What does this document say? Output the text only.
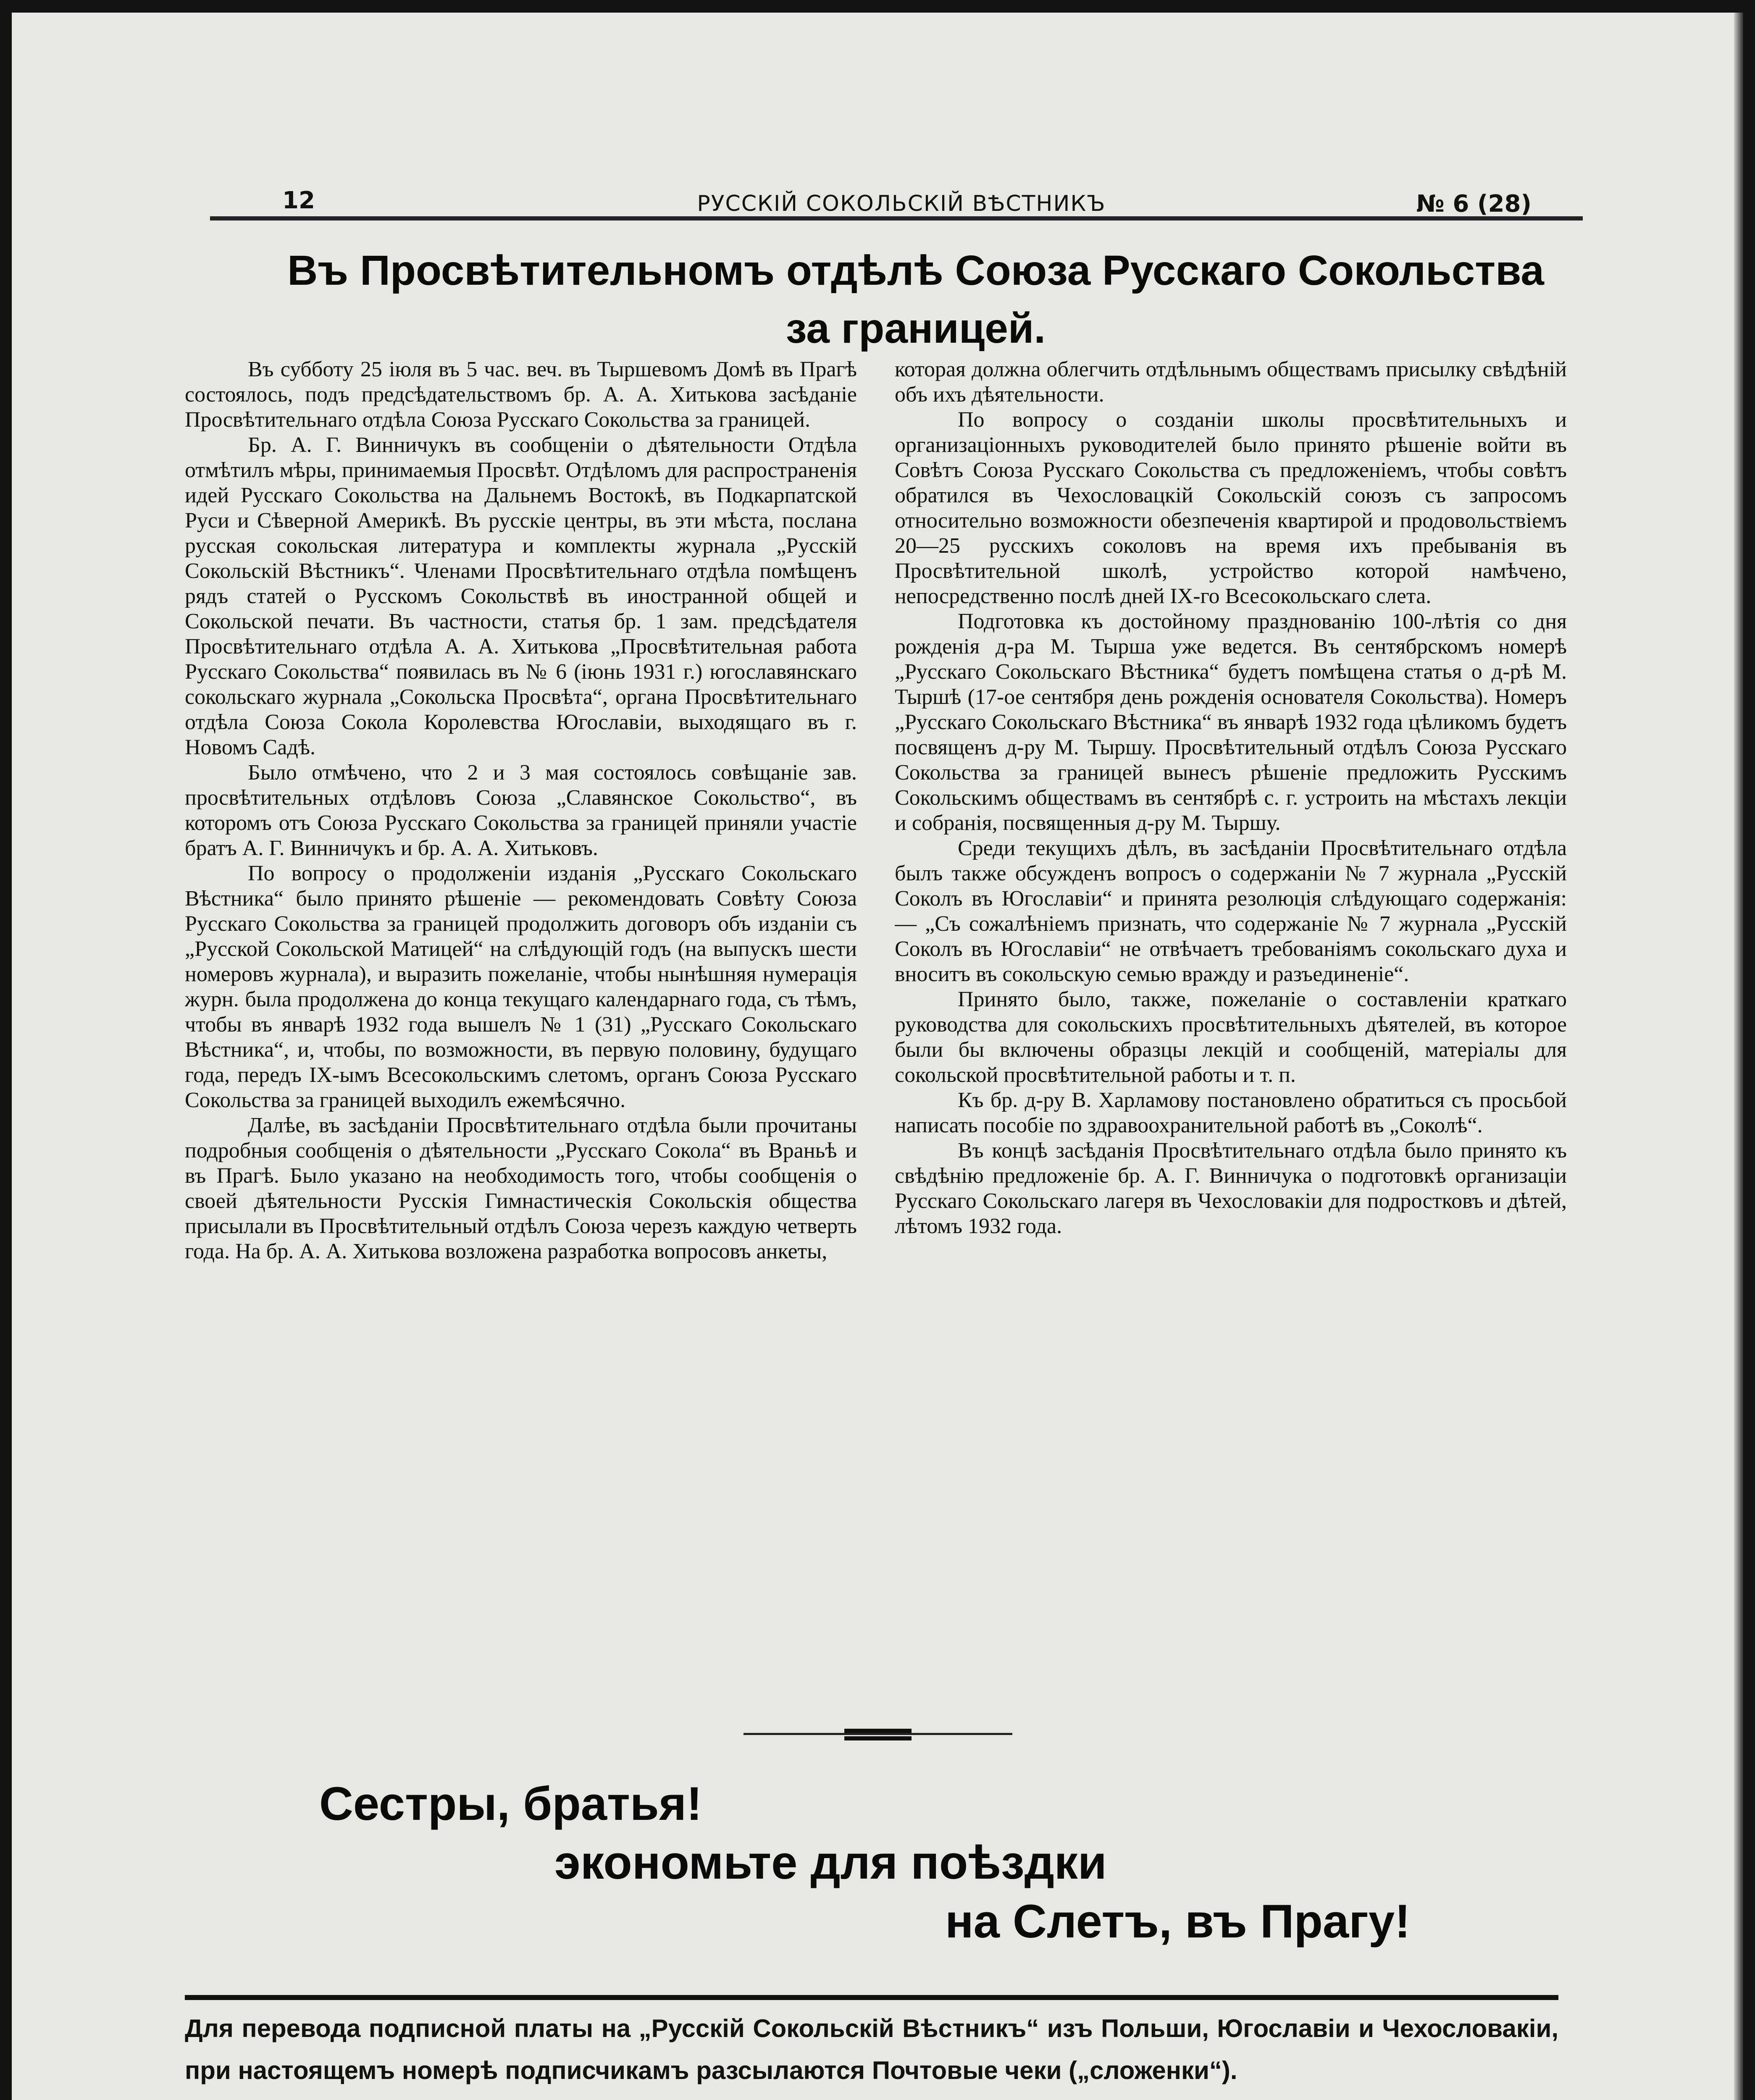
12	РУССКІЙ СОКОЛЬСКІЙ ВѢСТНИКЪ	№ 6 (28)
Въ Просвѣтительномъ отдѣлѣ Союза Русскаго Сокольства
за границей.

Въ субботу 25 іюля въ 5 час. веч. въ Тыршевомъ Домѣ въ Прагѣ состоялось, подъ предсѣдательствомъ бр. А. А. Хитькова засѣданіе Просвѣтительнаго отдѣла Союза Русскаго Сокольства за границей.

Бр. А. Г. Винничукъ въ сообщеніи о дѣятельности Отдѣла отмѣтилъ мѣры, принимаемыя Просвѣт. Отдѣломъ для распространенія идей Русскаго Сокольства на Дальнемъ Востокѣ, въ Подкарпатской Руси и Сѣверной Америкѣ. Въ русскіе центры, въ эти мѣста, послана русская сокольская литература и комплекты журнала „Русскій Сокольскій Вѣстникъ“. Членами Просвѣтительнаго отдѣла помѣщенъ рядъ статей о Русскомъ Сокольствѣ въ иностранной общей и Сокольской печати. Въ частности, статья бр. 1 зам. предсѣдателя Просвѣтительнаго отдѣла А. А. Хитькова „Просвѣтительная работа Русскаго Сокольства“ появилась въ № 6 (іюнь 1931 г.) югославянскаго сокольскаго журнала „Сокольска Просвѣта“, органа Просвѣтительнаго отдѣла Союза Сокола Королевства Югославіи, выходящаго въ г. Новомъ Садѣ.

Было отмѣчено, что 2 и 3 мая состоялось совѣщаніе зав. просвѣтительных отдѣловъ Союза „Славянское Сокольство“, въ которомъ отъ Союза Русскаго Сокольства за границей приняли участіе братъ А. Г. Винничукъ и бр. А. А. Хитьковъ.

По вопросу о продолженіи изданія „Русскаго Сокольскаго Вѣстника“ было принято рѣшеніе — рекомендовать Совѣту Союза Русскаго Сокольства за границей продолжить договоръ объ изданіи съ „Русской Сокольской Матицей“ на слѣдующій годъ (на выпускъ шести номеровъ журнала), и выразить пожеланіе, чтобы нынѣшняя нумерація журн. была продолжена до конца текущаго календарнаго года, съ тѣмъ, чтобы въ январѣ 1932 года вышелъ № 1 (31) „Русскаго Сокольскаго Вѣстника“, и, чтобы, по возможности, въ первую половину, будущаго года, передъ IX-ымъ Всесокольскимъ слетомъ, органъ Союза Русскаго Сокольства за границей выходилъ ежемѣсячно.

Далѣе, въ засѣданіи Просвѣтительнаго отдѣла были прочитаны подробныя сообщенія о дѣятельности „Русскаго Сокола“ въ Враньѣ и въ Прагѣ. Было указано на необходимость того, чтобы сообщенія о своей дѣятельности Русскія Гимнастическія Сокольскія общества присылали въ Просвѣтительный отдѣлъ Союза черезъ каждую четверть года. На бр. А. А. Хитькова возложена разработка вопросовъ анкеты,

которая должна облегчить отдѣльнымъ обществамъ присылку свѣдѣній объ ихъ дѣятельности.

По вопросу о созданіи школы просвѣтительныхъ и организаціонныхъ руководителей было принято рѣшеніе войти въ Совѣтъ Союза Русскаго Сокольства съ предложеніемъ, чтобы совѣтъ обратился въ Чехословацкій Сокольскій союзъ съ запросомъ относительно возможности обезпеченія квартирой и продовольствіемъ 20—25 русскихъ соколовъ на время ихъ пребыванія въ Просвѣтительной школѣ, устройство которой намѣчено, непосредственно послѣ дней IX-го Всесокольскаго слета.

Подготовка къ достойному празднованію 100-лѣтія со дня рожденія д-ра М. Тырша уже ведется. Въ сентябрскомъ номерѣ „Русскаго Сокольскаго Вѣстника“ будетъ помѣщена статья о д-рѣ М. Тыршѣ (17-ое сентября день рожденія основателя Сокольства). Номеръ „Русскаго Сокольскаго Вѣстника“ въ январѣ 1932 года цѣликомъ будетъ посвященъ д-ру М. Тыршу. Просвѣтительный отдѣлъ Союза Русскаго Сокольства за границей вынесъ рѣшеніе предложить Русскимъ Сокольскимъ обществамъ въ сентябрѣ с. г. устроить на мѣстахъ лекціи и собранія, посвященныя д-ру М. Тыршу.

Среди текущихъ дѣлъ, въ засѣданіи Просвѣтительнаго отдѣла былъ также обсужденъ вопросъ о содержаніи № 7 журнала „Русскій Соколъ въ Югославіи“ и принята резолюція слѣдующаго содержанія: — „Съ сожалѣніемъ признать, что содержаніе № 7 журнала „Русскій Соколъ въ Югославіи“ не отвѣчаетъ требованіямъ сокольскаго духа и вноситъ въ сокольскую семью вражду и разъединеніе“.

Принято было, также, пожеланіе о составленіи краткаго руководства для сокольскихъ просвѣтительныхъ дѣятелей, въ которое были бы включены образцы лекцій и сообщеній, матеріалы для сокольской просвѣтительной работы и т. п.

Къ бр. д-ру В. Харламову постановлено обратиться съ просьбой написать пособіе по здравоохранительной работѣ въ „Соколѣ“.

Въ концѣ засѣданія Просвѣтительнаго отдѣла было принято къ свѣдѣнію предложеніе бр. А. Г. Винничука о подготовкѣ организаціи Русскаго Сокольскаго лагеря въ Чехословакіи для подростковъ и дѣтей, лѣтомъ 1932 года.

Сестры, братья!
экономьте для поѣздки
на Слетъ, въ Прагу!
Для перевода подписной платы на „Русскій Сокольскій Вѣстникъ“ изъ Польши, Югославіи и Чехословакіи, при настоящемъ номерѣ подписчикамъ разсылаются Почтовые чеки („сложенки“).
